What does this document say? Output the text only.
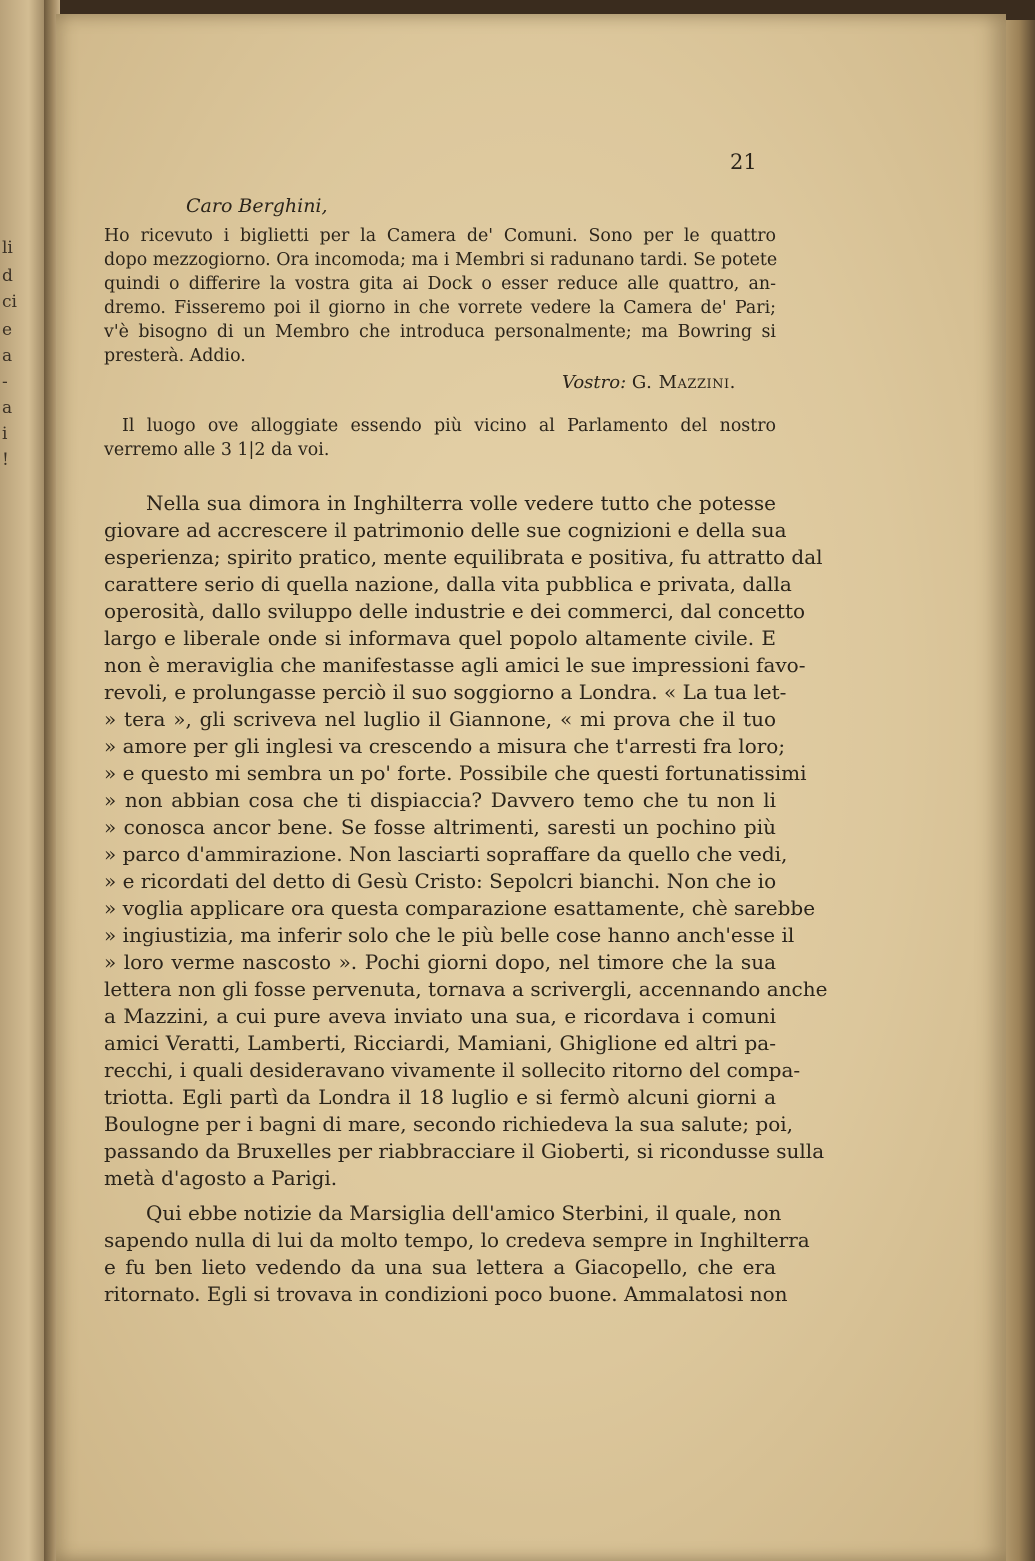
li
d
ci
e
a
-
a
i
!
21
Caro Berghini,
Ho ricevuto i biglietti per la Camera de' Comuni. Sono per le quattro
dopo mezzogiorno. Ora incomoda; ma i Membri si radunano tardi. Se potete
quindi o differire la vostra gita ai Dock o esser reduce alle quattro, an-
dremo. Fisseremo poi il giorno in che vorrete vedere la Camera de' Pari;
v'è bisogno di un Membro che introduca personalmente; ma Bowring si
presterà. Addio.
Vostro: G. Mazzini.
Il luogo ove alloggiate essendo più vicino al Parlamento del nostro
verremo alle 3 1|2 da voi.
Nella sua dimora in Inghilterra volle vedere tutto che potesse
giovare ad accrescere il patrimonio delle sue cognizioni e della sua
esperienza; spirito pratico, mente equilibrata e positiva, fu attratto dal
carattere serio di quella nazione, dalla vita pubblica e privata, dalla
operosità, dallo sviluppo delle industrie e dei commerci, dal concetto
largo e liberale onde si informava quel popolo altamente civile. E
non è meraviglia che manifestasse agli amici le sue impressioni favo-
revoli, e prolungasse perciò il suo soggiorno a Londra. « La tua let-
» tera », gli scriveva nel luglio il Giannone, « mi prova che il tuo
» amore per gli inglesi va crescendo a misura che t'arresti fra loro;
» e questo mi sembra un po' forte. Possibile che questi fortunatissimi
» non abbian cosa che ti dispiaccia? Davvero temo che tu non li
» conosca ancor bene. Se fosse altrimenti, saresti un pochino più
» parco d'ammirazione. Non lasciarti sopraffare da quello che vedi,
» e ricordati del detto di Gesù Cristo: Sepolcri bianchi. Non che io
» voglia applicare ora questa comparazione esattamente, chè sarebbe
» ingiustizia, ma inferir solo che le più belle cose hanno anch'esse il
» loro verme nascosto ». Pochi giorni dopo, nel timore che la sua
lettera non gli fosse pervenuta, tornava a scrivergli, accennando anche
a Mazzini, a cui pure aveva inviato una sua, e ricordava i comuni
amici Veratti, Lamberti, Ricciardi, Mamiani, Ghiglione ed altri pa-
recchi, i quali desideravano vivamente il sollecito ritorno del compa-
triotta. Egli partì da Londra il 18 luglio e si fermò alcuni giorni a
Boulogne per i bagni di mare, secondo richiedeva la sua salute; poi,
passando da Bruxelles per riabbracciare il Gioberti, si ricondusse sulla
metà d'agosto a Parigi.
Qui ebbe notizie da Marsiglia dell'amico Sterbini, il quale, non
sapendo nulla di lui da molto tempo, lo credeva sempre in Inghilterra
e fu ben lieto vedendo da una sua lettera a Giacopello, che era
ritornato. Egli si trovava in condizioni poco buone. Ammalatosi non
